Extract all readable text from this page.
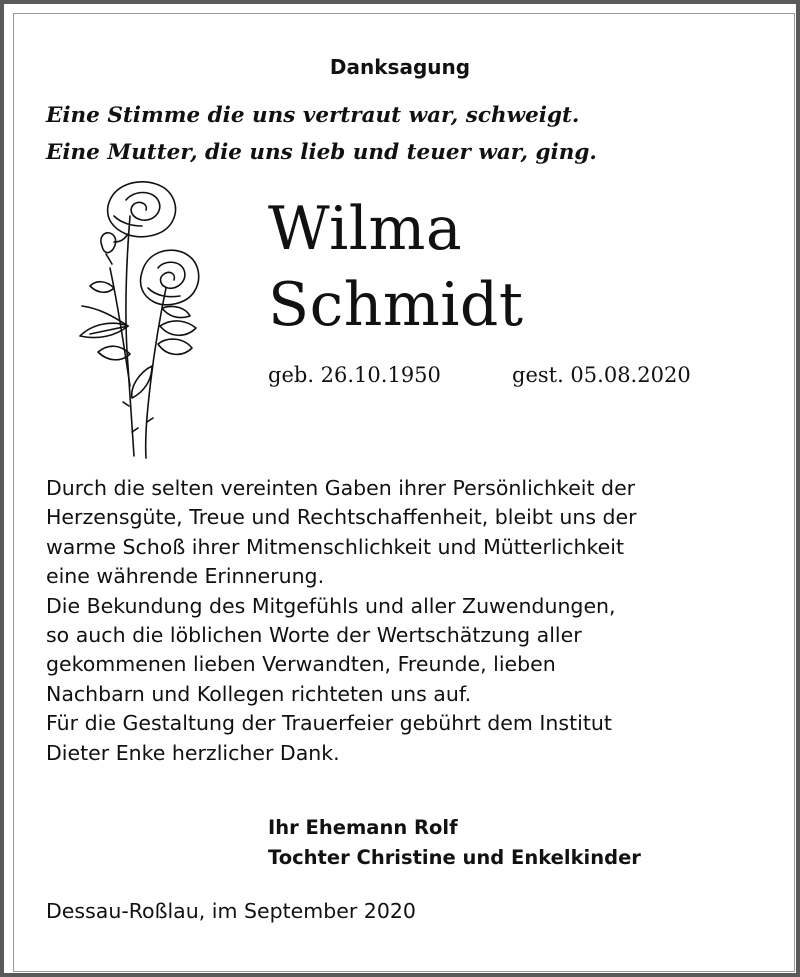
Danksagung
Eine Stimme die uns vertraut war, schweigt.
Eine Mutter, die uns lieb und teuer war, ging.
Wilma
Schmidt
geb. 26.10.1950	gest. 05.08.2020
Durch die selten vereinten Gaben ihrer Persönlichkeit der
Herzensgüte, Treue und Rechtschaffenheit, bleibt uns der
warme Schoß ihrer Mitmenschlichkeit und Mütterlichkeit
eine währende Erinnerung.
Die Bekundung des Mitgefühls und aller Zuwendungen,
so auch die löblichen Worte der Wertschätzung aller
gekommenen lieben Verwandten, Freunde, lieben
Nachbarn und Kollegen richteten uns auf.
Für die Gestaltung der Trauerfeier gebührt dem Institut
Dieter Enke herzlicher Dank.
Ihr Ehemann Rolf
Tochter Christine und Enkelkinder
Dessau-Roßlau, im September 2020
